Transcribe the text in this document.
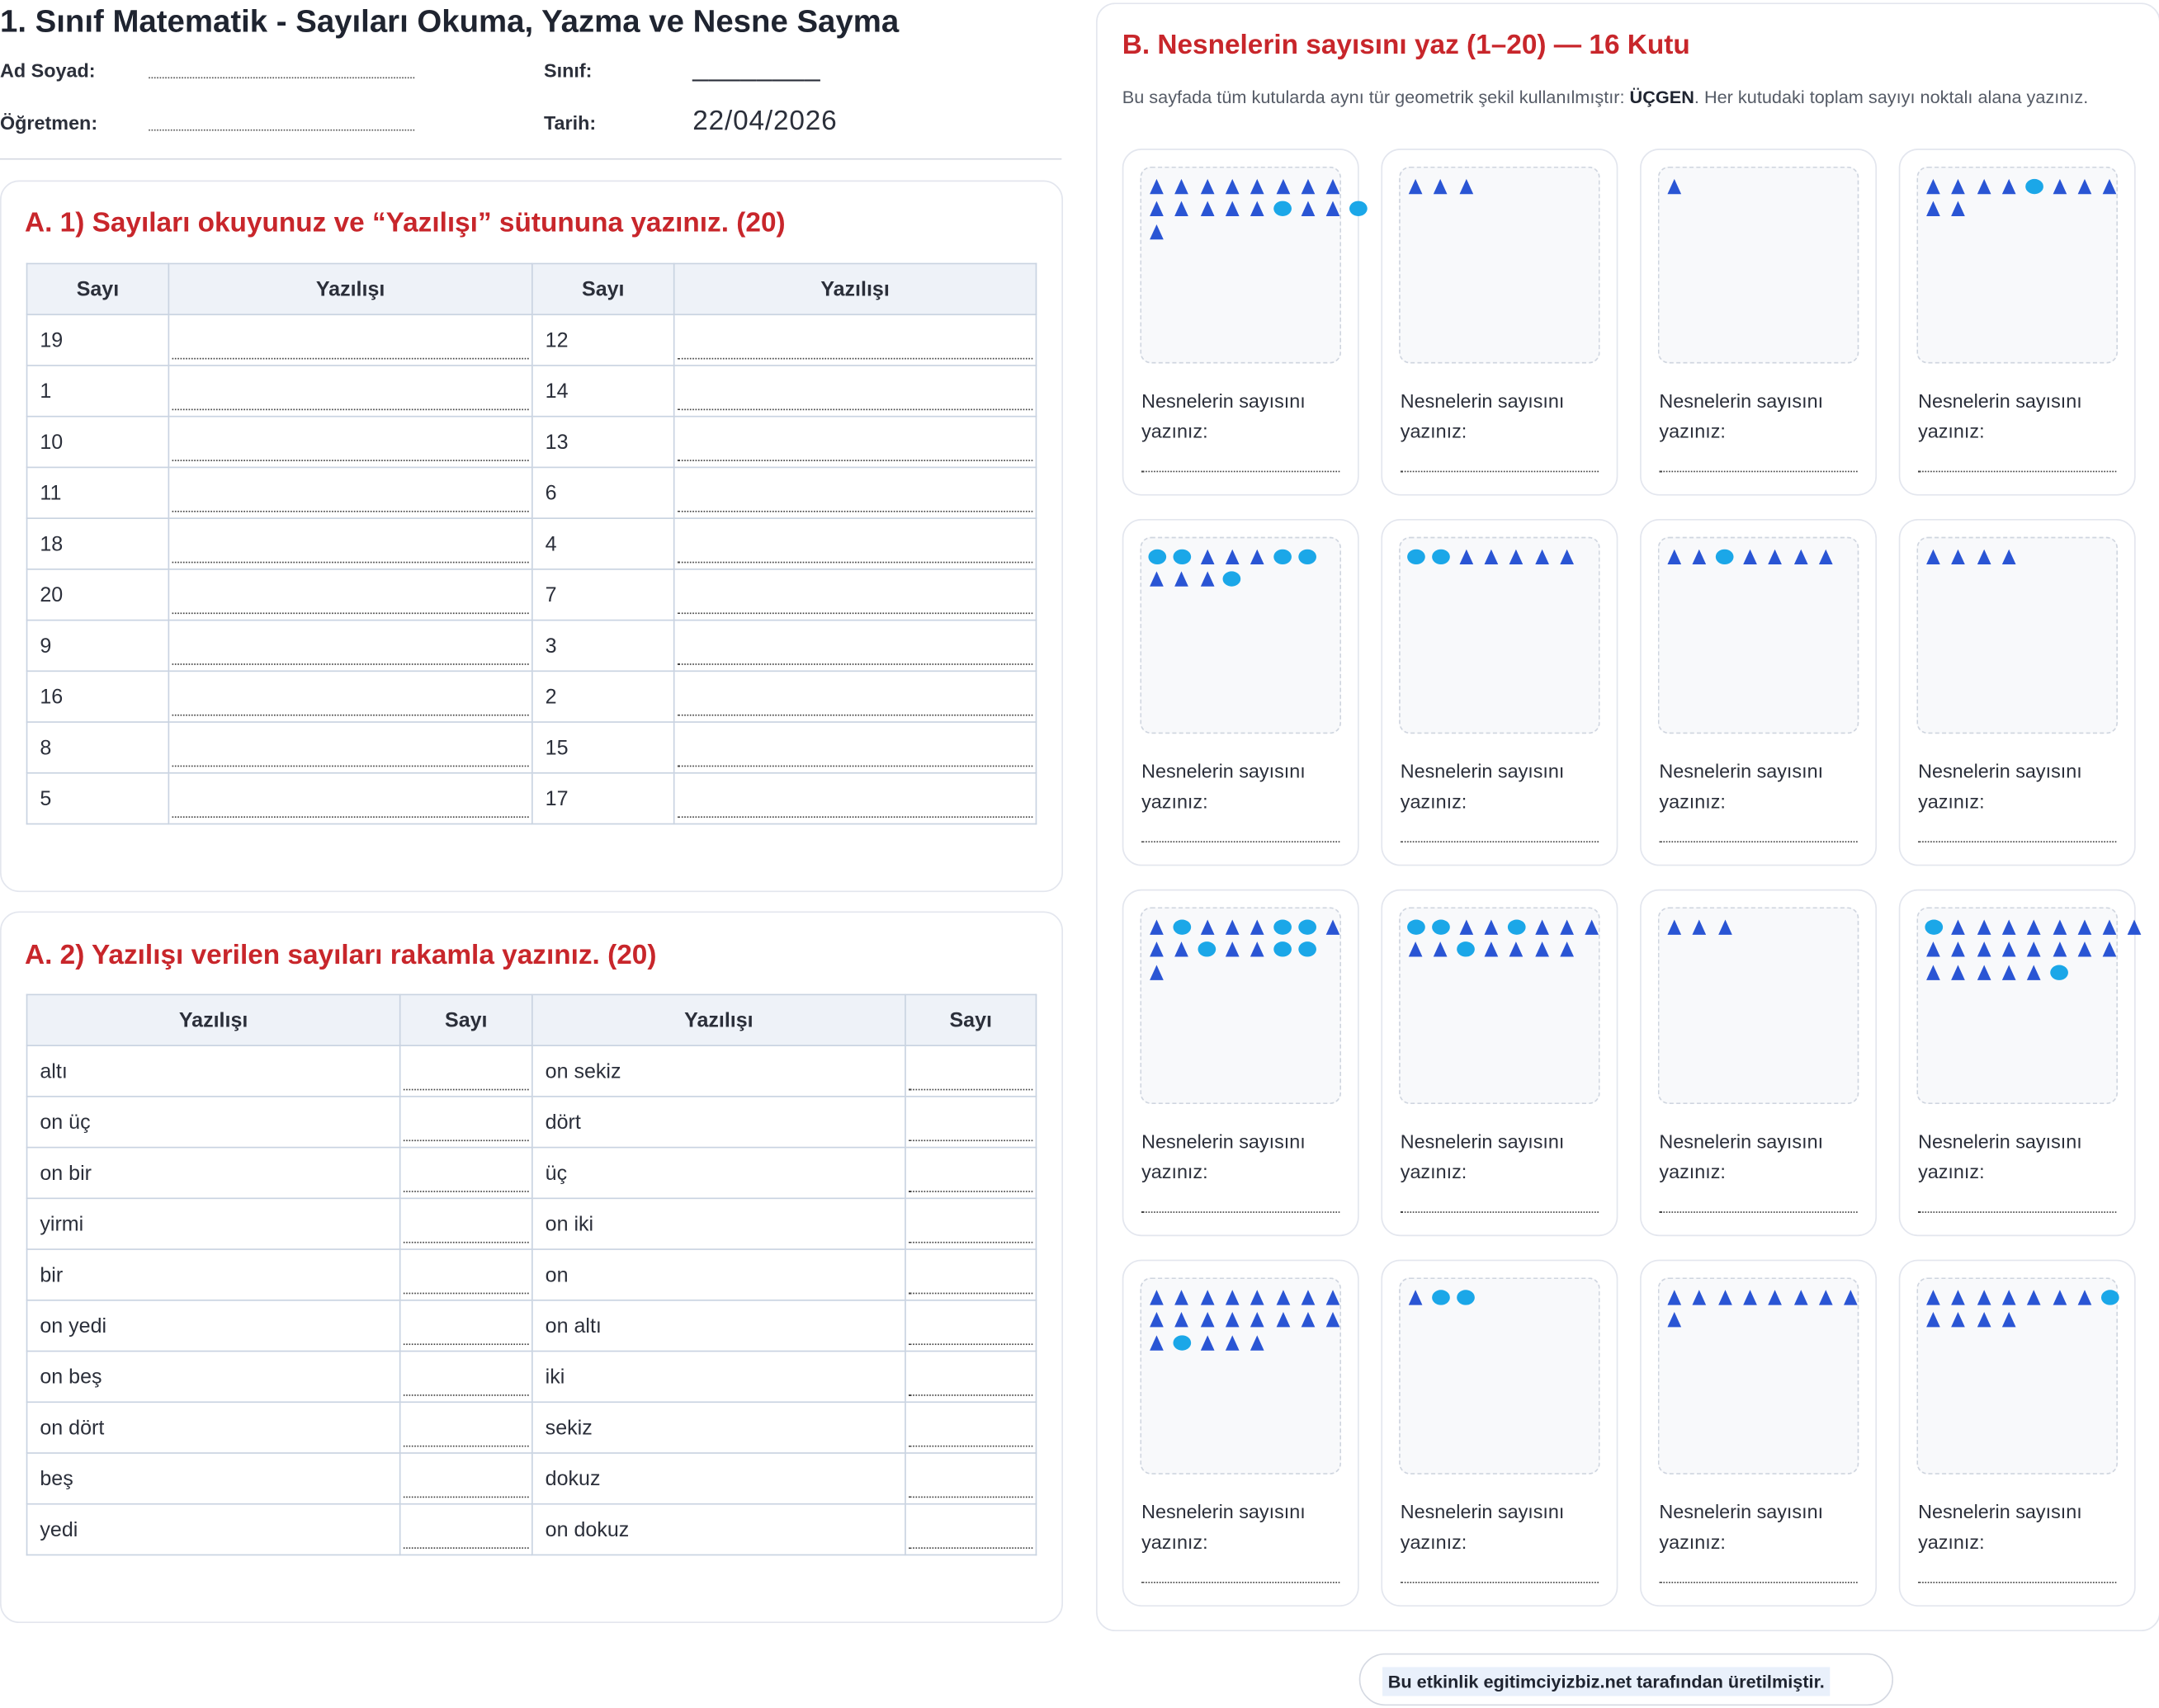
1. Sınıf Matematik - Sayıları Okuma, Yazma ve Nesne Sayma
Ad Soyad:	Sınıf:	________
Öğretmen:	Tarih:	22/04/2026
A. 1) Sayıları okuyunuz ve “Yazılışı” sütununa yazınız. (20)
Sayı	Yazılışı	Sayı	Yazılışı
19		12	
1		14	
10		13	
11		6	
18		4	
20		7	
9		3	
16		2	
8		15	
5		17	
A. 2) Yazılışı verilen sayıları rakamla yazınız. (20)
Yazılışı	Sayı	Yazılışı	Sayı
altı		on sekiz	
on üç		dört	
on bir		üç	
yirmi		on iki	
bir		on	
on yedi		on altı	
on beş		iki	
on dört		sekiz	
beş		dokuz	
yedi		on dokuz	
B. Nesnelerin sayısını yaz (1–20) — 16 Kutu
Bu sayfada tüm kutularda aynı tür geometrik şekil kullanılmıştır: ÜÇGEN. Her kutudaki toplam sayıyı noktalı alana yazınız.
Nesnelerin sayısını yazınız:
Nesnelerin sayısını yazınız:
Nesnelerin sayısını yazınız:
Nesnelerin sayısını yazınız:
Nesnelerin sayısını yazınız:
Nesnelerin sayısını yazınız:
Nesnelerin sayısını yazınız:
Nesnelerin sayısını yazınız:
Nesnelerin sayısını yazınız:
Nesnelerin sayısını yazınız:
Nesnelerin sayısını yazınız:
Nesnelerin sayısını yazınız:
Nesnelerin sayısını yazınız:
Nesnelerin sayısını yazınız:
Nesnelerin sayısını yazınız:
Nesnelerin sayısını yazınız:
Bu etkinlik egitimciyizbiz.net tarafından üretilmiştir.
